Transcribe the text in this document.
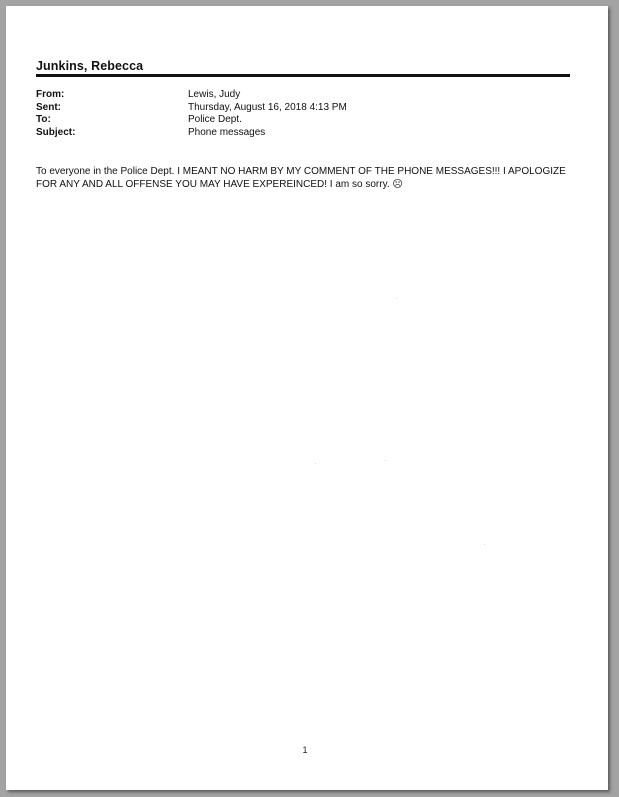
Junkins, Rebecca
From:	Lewis, Judy
Sent:	Thursday, August 16, 2018 4:13 PM
To:	Police Dept.
Subject:	Phone messages
To everyone in the Police Dept. I MEANT NO HARM BY MY COMMENT OF THE PHONE MESSAGES!!! I APOLOGIZE FOR ANY AND ALL OFFENSE YOU MAY HAVE EXPEREINCED! I am so sorry. ☹
1
